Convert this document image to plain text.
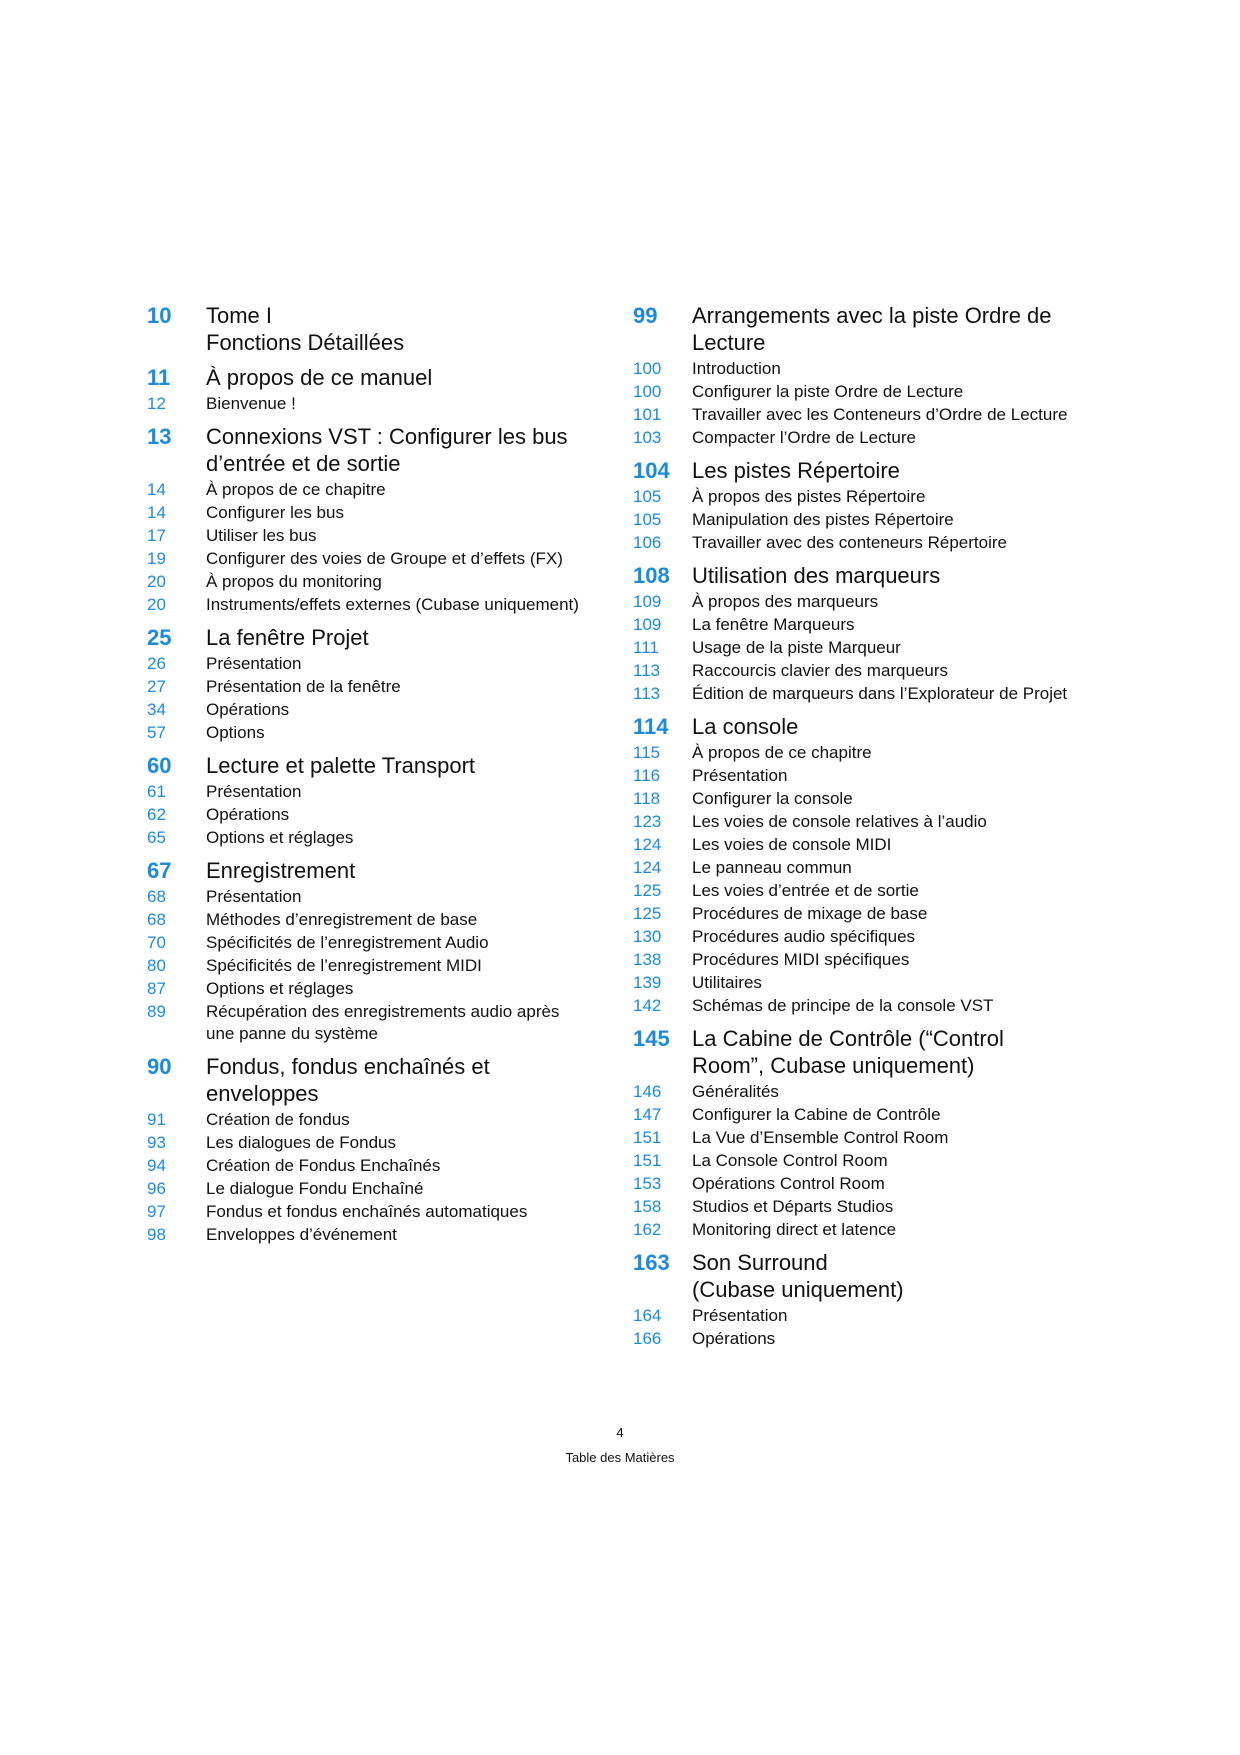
10	Tome I
Fonctions Détaillées
11	À propos de ce manuel
12	Bienvenue !
13	Connexions VST : Configurer les bus
d’entrée et de sortie
14	À propos de ce chapitre
14	Configurer les bus
17	Utiliser les bus
19	Configurer des voies de Groupe et d’effets (FX)
20	À propos du monitoring
20	Instruments/effets externes (Cubase uniquement)
25	La fenêtre Projet
26	Présentation
27	Présentation de la fenêtre
34	Opérations
57	Options
60	Lecture et palette Transport
61	Présentation
62	Opérations
65	Options et réglages
67	Enregistrement
68	Présentation
68	Méthodes d’enregistrement de base
70	Spécificités de l’enregistrement Audio
80	Spécificités de l’enregistrement MIDI
87	Options et réglages
89	Récupération des enregistrements audio après
une panne du système
90	Fondus, fondus enchaînés et
enveloppes
91	Création de fondus
93	Les dialogues de Fondus
94	Création de Fondus Enchaînés
96	Le dialogue Fondu Enchaîné
97	Fondus et fondus enchaînés automatiques
98	Enveloppes d’événement
99	Arrangements avec la piste Ordre de
Lecture
100	Introduction
100	Configurer la piste Ordre de Lecture
101	Travailler avec les Conteneurs d’Ordre de Lecture
103	Compacter l’Ordre de Lecture
104	Les pistes Répertoire
105	À propos des pistes Répertoire
105	Manipulation des pistes Répertoire
106	Travailler avec des conteneurs Répertoire
108	Utilisation des marqueurs
109	À propos des marqueurs
109	La fenêtre Marqueurs
111	Usage de la piste Marqueur
113	Raccourcis clavier des marqueurs
113	Édition de marqueurs dans l’Explorateur de Projet
114	La console
115	À propos de ce chapitre
116	Présentation
118	Configurer la console
123	Les voies de console relatives à l’audio
124	Les voies de console MIDI
124	Le panneau commun
125	Les voies d’entrée et de sortie
125	Procédures de mixage de base
130	Procédures audio spécifiques
138	Procédures MIDI spécifiques
139	Utilitaires
142	Schémas de principe de la console VST
145	La Cabine de Contrôle (“Control
Room”, Cubase uniquement)
146	Généralités
147	Configurer la Cabine de Contrôle
151	La Vue d’Ensemble Control Room
151	La Console Control Room
153	Opérations Control Room
158	Studios et Départs Studios
162	Monitoring direct et latence
163	Son Surround
(Cubase uniquement)
164	Présentation
166	Opérations
4
Table des Matières
